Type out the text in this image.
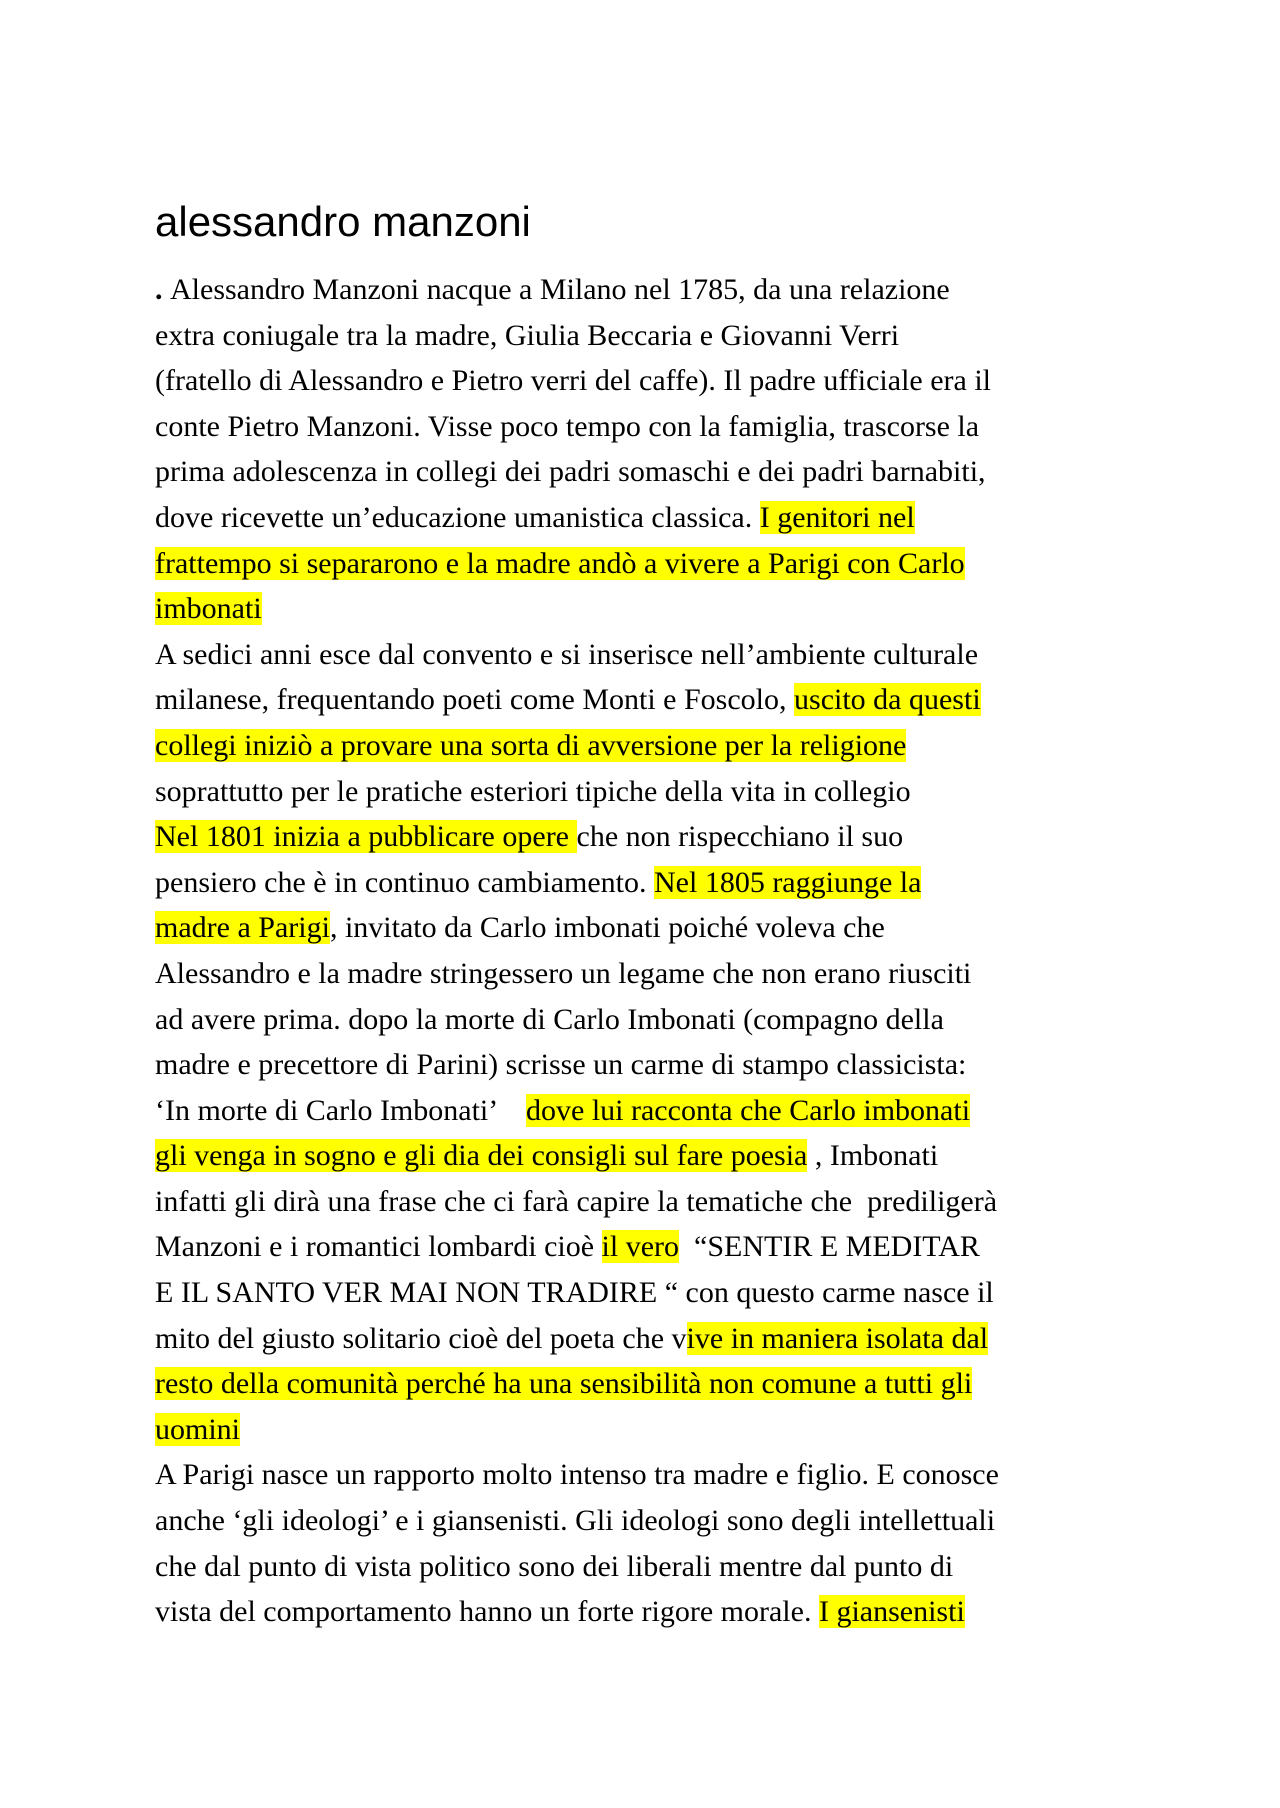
alessandro manzoni
. Alessandro Manzoni nacque a Milano nel 1785, da una relazione
extra coniugale tra la madre, Giulia Beccaria e Giovanni Verri
(fratello di Alessandro e Pietro verri del caffe). Il padre ufficiale era il
conte Pietro Manzoni. Visse poco tempo con la famiglia, trascorse la
prima adolescenza in collegi dei padri somaschi e dei padri barnabiti,
dove ricevette un’educazione umanistica classica. I genitori nel
frattempo si separarono e la madre andò a vivere a Parigi con Carlo
imbonati
A sedici anni esce dal convento e si inserisce nell’ambiente culturale
milanese, frequentando poeti come Monti e Foscolo, uscito da questi
collegi iniziò a provare una sorta di avversione per la religione
soprattutto per le pratiche esteriori tipiche della vita in collegio
Nel 1801 inizia a pubblicare opere che non rispecchiano il suo
pensiero che è in continuo cambiamento. Nel 1805 raggiunge la
madre a Parigi, invitato da Carlo imbonati poiché voleva che
Alessandro e la madre stringessero un legame che non erano riusciti
ad avere prima. dopo la morte di Carlo Imbonati (compagno della
madre e precettore di Parini) scrisse un carme di stampo classicista:
‘In morte di Carlo Imbonati’    dove lui racconta che Carlo imbonati
gli venga in sogno e gli dia dei consigli sul fare poesia , Imbonati
infatti gli dirà una frase che ci farà capire la tematiche che  prediligerà
Manzoni e i romantici lombardi cioè il vero  “SENTIR E MEDITAR
E IL SANTO VER MAI NON TRADIRE “ con questo carme nasce il
mito del giusto solitario cioè del poeta che vive in maniera isolata dal
resto della comunità perché ha una sensibilità non comune a tutti gli
uomini
A Parigi nasce un rapporto molto intenso tra madre e figlio. E conosce
anche ‘gli ideologi’ e i giansenisti. Gli ideologi sono degli intellettuali
che dal punto di vista politico sono dei liberali mentre dal punto di
vista del comportamento hanno un forte rigore morale. I giansenisti
